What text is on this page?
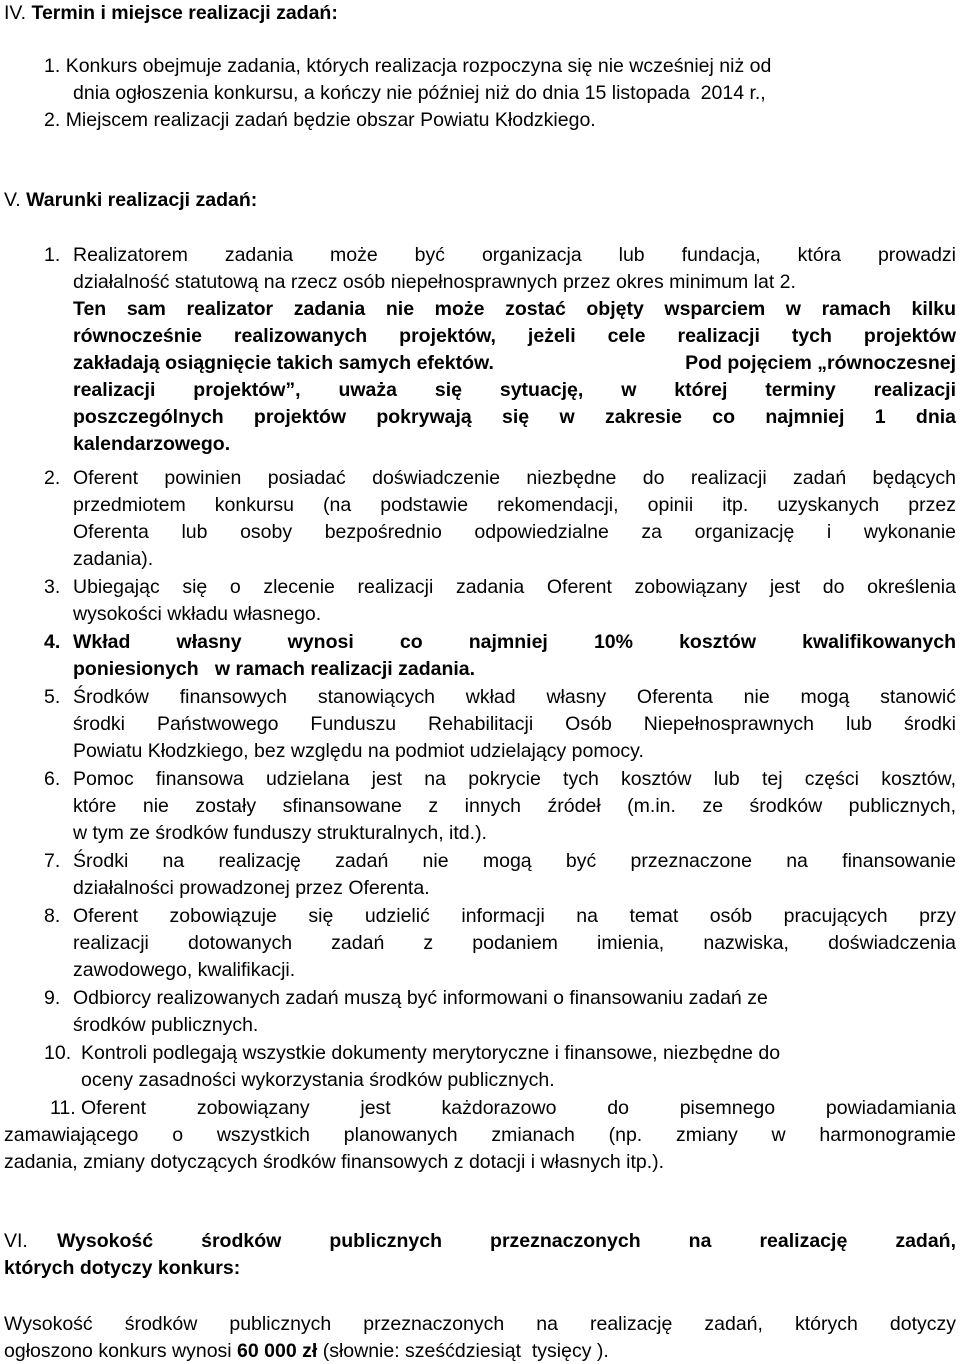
IV. Termin i miejsce realizacji zadań:
1. Konkurs obejmuje zadania, których realizacja rozpoczyna się nie wcześniej niż od
dnia ogłoszenia konkursu, a kończy nie później niż do dnia 15 listopada  2014 r.,
2. Miejscem realizacji zadań będzie obszar Powiatu Kłodzkiego.
V. Warunki realizacji zadań:
1. Realizatorem zadania może być organizacja lub fundacja, która prowadzi
działalność statutową na rzecz osób niepełnosprawnych przez okres minimum lat 2.
Ten sam realizator zadania nie może zostać objęty wsparciem w ramach kilku
równocześnie realizowanych projektów, jeżeli cele realizacji tych projektów
zakładają osiągnięcie takich samych efektów.	Pod pojęciem „równoczesnej
realizacji projektów”, uważa się sytuację, w której terminy realizacji
poszczególnych projektów pokrywają się w zakresie co najmniej 1 dnia
kalendarzowego.
2. Oferent powinien posiadać doświadczenie niezbędne do realizacji zadań będących
przedmiotem konkursu (na podstawie rekomendacji, opinii itp. uzyskanych przez
Oferenta lub osoby bezpośrednio odpowiedzialne za organizację i wykonanie
zadania).
3. Ubiegając się o zlecenie realizacji zadania Oferent zobowiązany jest do określenia
wysokości wkładu własnego.
4. Wkład własny wynosi co najmniej 10% kosztów kwalifikowanych
poniesionych   w ramach realizacji zadania.
5. Środków finansowych stanowiących wkład własny Oferenta nie mogą stanowić
środki Państwowego Funduszu Rehabilitacji Osób Niepełnosprawnych lub środki
Powiatu Kłodzkiego, bez względu na podmiot udzielający pomocy.
6. Pomoc finansowa udzielana jest na pokrycie tych kosztów lub tej części kosztów,
które nie zostały sfinansowane z innych źródeł (m.in. ze środków publicznych,
w tym ze środków funduszy strukturalnych, itd.).
7. Środki na realizację zadań nie mogą być przeznaczone na finansowanie
działalności prowadzonej przez Oferenta.
8. Oferent zobowiązuje się udzielić informacji na temat osób pracujących przy
realizacji dotowanych zadań z podaniem imienia, nazwiska, doświadczenia
zawodowego, kwalifikacji.
9. Odbiorcy realizowanych zadań muszą być informowani o finansowaniu zadań ze
środków publicznych.
10. Kontroli podlegają wszystkie dokumenty merytoryczne i finansowe, niezbędne do
oceny zasadności wykorzystania środków publicznych.
11. Oferent zobowiązany jest każdorazowo do pisemnego powiadamiania
zamawiającego o wszystkich planowanych zmianach (np. zmiany w harmonogramie
zadania, zmiany dotyczących środków finansowych z dotacji i własnych itp.).
VI. Wysokość środków publicznych przeznaczonych na realizację zadań,
których dotyczy konkurs:
Wysokość środków publicznych przeznaczonych na realizację zadań, których dotyczy
ogłoszono konkurs wynosi 60 000 zł (słownie: sześćdziesiąt  tysięcy ).
